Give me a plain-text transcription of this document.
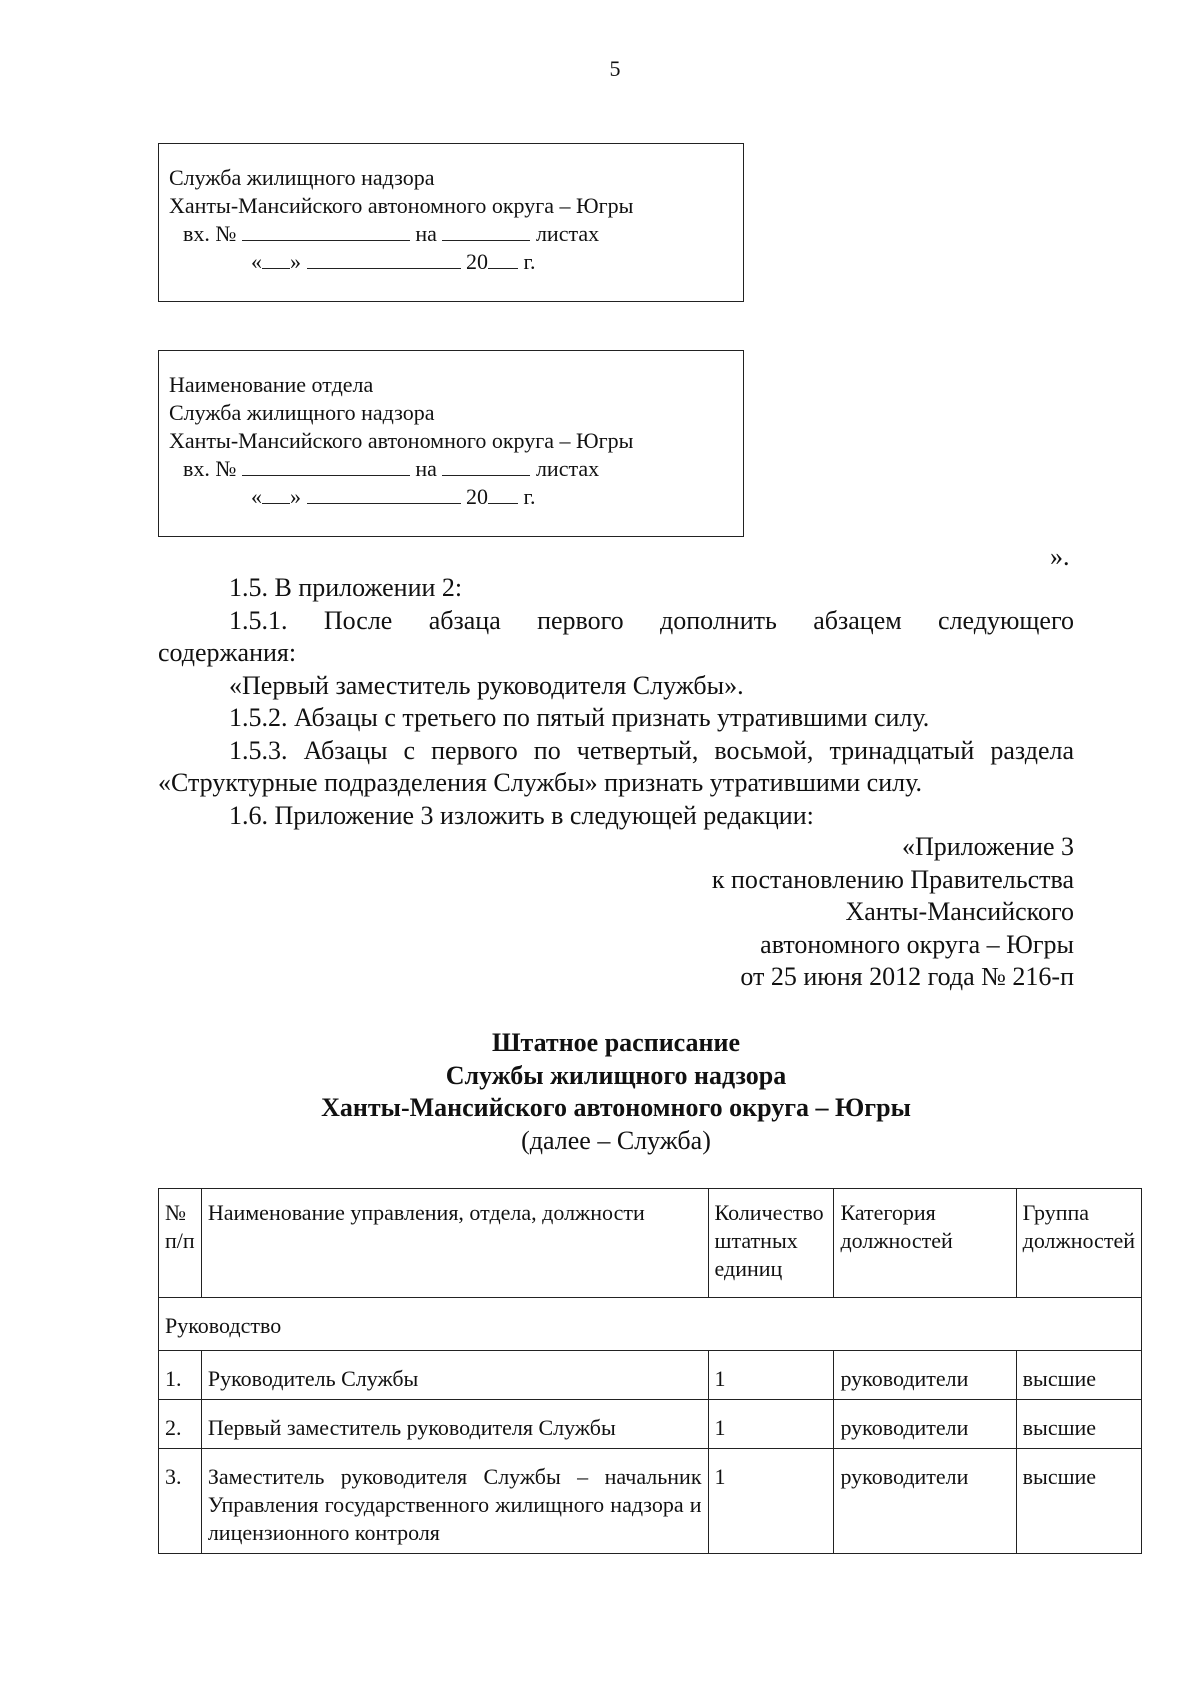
5
Служба жилищного надзора
Ханты-Мансийского автономного округа – Югры
вх. №	на	листах
« »	20 г.
Наименование отдела
Служба жилищного надзора
Ханты-Мансийского автономного округа – Югры
вх. №	на	листах
« »	20 г.
».

1.5. В приложении 2:

1.5.1. После абзаца первого дополнить абзацем следующего

содержания:

«Первый заместитель руководителя Службы».

1.5.2. Абзацы с третьего по пятый признать утратившими силу.

1.5.3. Абзацы с первого по четвертый, восьмой, тринадцатый раздела

«Структурные подразделения Службы» признать утратившими силу.

1.6. Приложение 3 изложить в следующей редакции:

«Приложение 3
к постановлению Правительства
Ханты-Мансийского
автономного округа – Югры
от 25 июня 2012 года № 216-п
Штатное расписание
Службы жилищного надзора
Ханты-Мансийского автономного округа – Югры
(далее – Служба)
№ п/п	Наименование управления, отдела, должности	Количество штатных единиц	Категория должностей	Группа должностей
Руководство				
1.	Руководитель Службы	1	руководители	высшие
2.	Первый заместитель руководителя Службы	1	руководители	высшие
3.	Заместитель руководителя Службы – начальник Управления государственного жилищного надзора и лицензионного контроля	1	руководители	высшие
